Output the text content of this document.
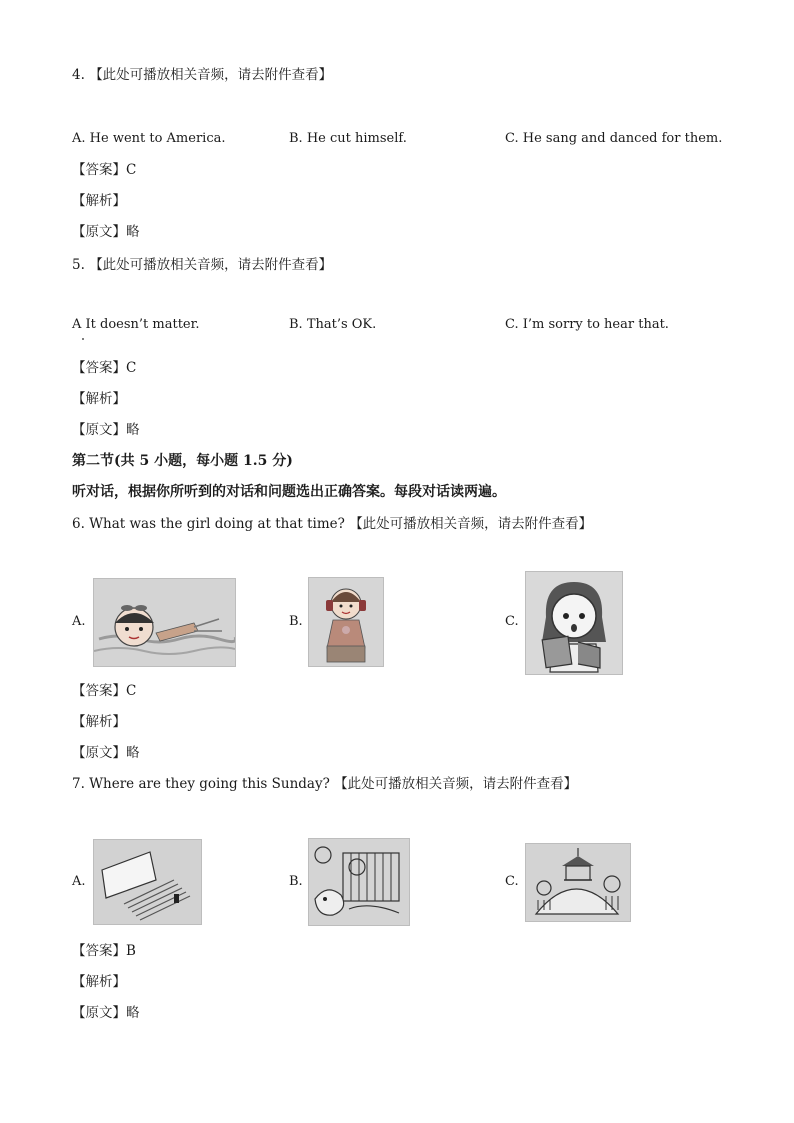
4. 【此处可播放相关音频，请去附件查看】
A. He went to America.	B. He cut himself.	C. He sang and danced for them.
【答案】C
【解析】
【原文】略
5. 【此处可播放相关音频，请去附件查看】
A It doesn’t matter.	B. That’s OK.	C. I’m sorry to hear that.
【答案】C
【解析】
【原文】略
第二节(共 5 小题，每小题 1.5 分)
听对话，根据你所听到的对话和问题选出正确答案。每段对话读两遍。
6. What was the girl doing at that time? 【此处可播放相关音频，请去附件查看】
A.	B.	C.
【答案】C
【解析】
【原文】略
7. Where are they going this Sunday? 【此处可播放相关音频，请去附件查看】
A.	B.	C.
【答案】B
【解析】
【原文】略
